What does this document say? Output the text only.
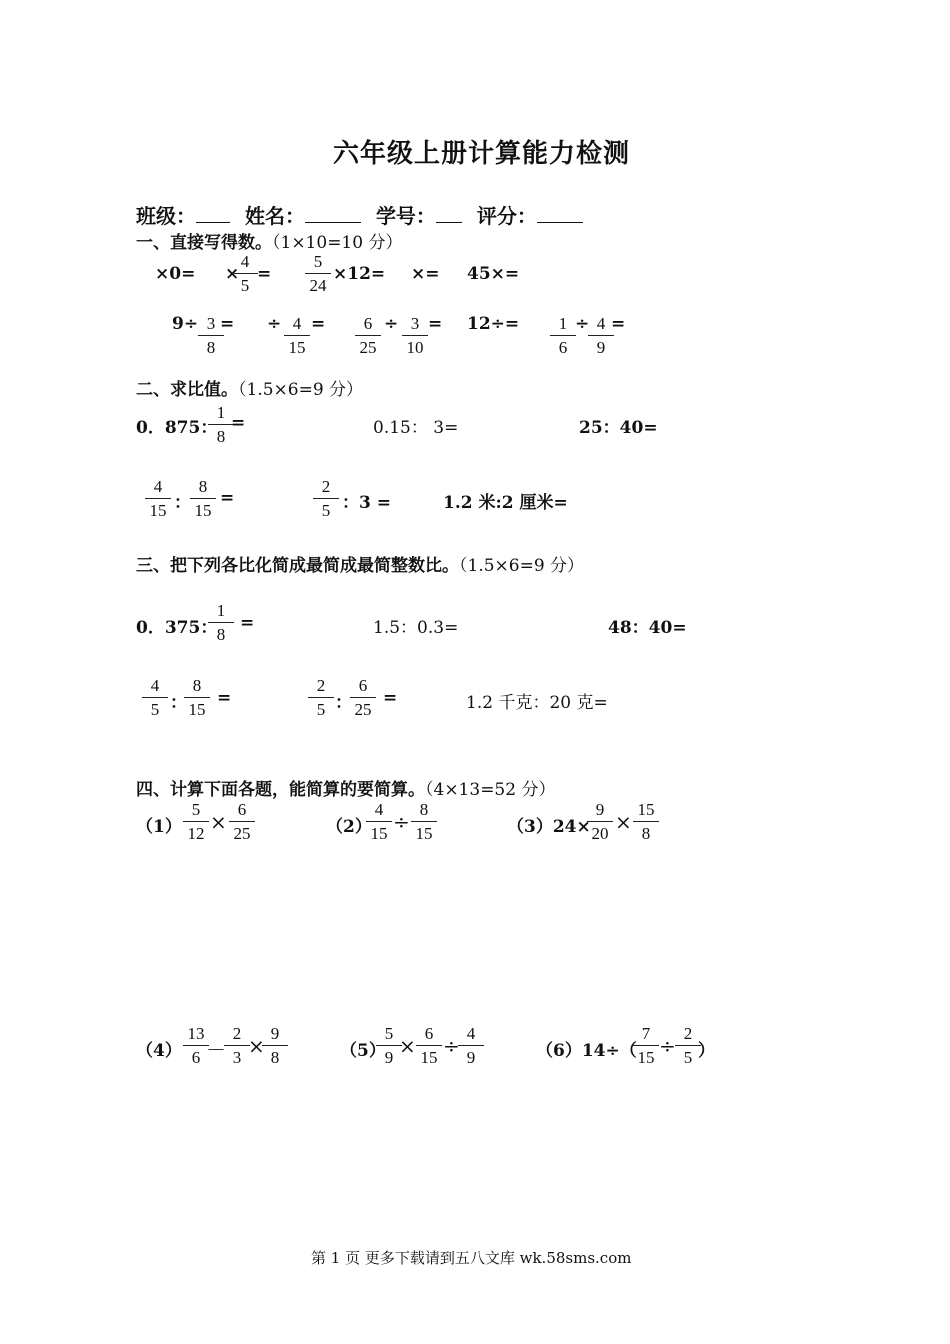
六年级上册计算能力检测
班级： 姓名：	学号： 评分：
一、直接写得数。（1×10=10 分）
×0= ×
4
5
=
5
24
×12= ×= 45×=
9÷ 3
8
= ÷ 4
15
=	6
25
÷ 3
10
= 12÷=	1
6
÷ 4
9
=
二、求比值。（1.5×6=9 分）
0．875：
1
8
=	0.15： 3=	25：40=
4
15 ：
8
15
=
2
5 ：3 =	1.2 米:2 厘米=
三、把下列各比化简成最简成最简整数比。（1.5×6=9 分）
0．375：
1
8
=	1.5：0.3=	48：40=
4
5 ：
8
15
=
2
5 ：
6
25
=	1.2 千克：20 克=
四、计算下面各题，能简算的要简算。（4×13=52 分）
（1）
5
12 ×
6
25	（2）
4
15 ÷
8
15	（3）24×
9
20 ×
15
8
（4）
13
6 －
2
3 ×
9
8	（5）
5
9 ×
6
15 ÷
4
9	（6）14÷（
7
15 ÷
2
5 ）
第 1 页 更多下载请到五八文库 wk.58sms.com
